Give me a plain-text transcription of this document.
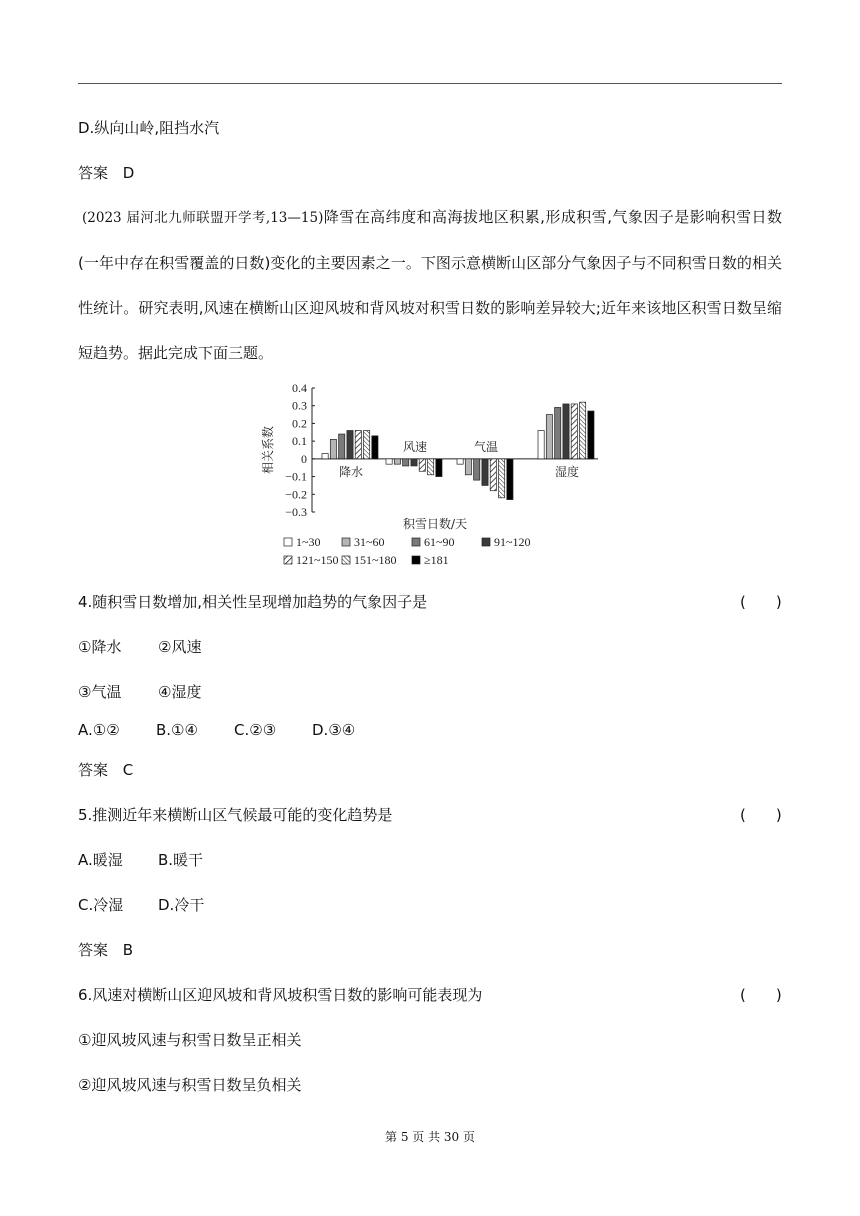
D.纵向山岭,阻挡水汽
答案 D
(2023 届河北九师联盟开学考,13—15)降雪在高纬度和高海拔地区积累,形成积雪,气象因子是影响积雪日数(一年中存在积雪覆盖的日数)变化的主要因素之一。下图示意横断山区部分气象因子与不同积雪日数的相关性统计。研究表明,风速在横断山区迎风坡和背风坡对积雪日数的影响差异较大;近年来该地区积雪日数呈缩短趋势。据此完成下面三题。
0.4
0.3
0.2
0.1
0
−0.1
−0.2
−0.3
相关系数
积雪日数/天
降水
风速	气温
湿度
1~30	31~60	61~90	91~120
121~150 151~180 ≥181
4.随积雪日数增加,相关性呈现增加趋势的气象因子是	(　　)
①降水 ②风速
③气温 ④湿度
A.①② B.①④ C.②③ D.③④
答案 C
5.推测近年来横断山区气候最可能的变化趋势是	(　　)
A.暖湿 B.暖干
C.冷湿 D.冷干
答案 B
6.风速对横断山区迎风坡和背风坡积雪日数的影响可能表现为	(　　)
①迎风坡风速与积雪日数呈正相关
②迎风坡风速与积雪日数呈负相关
第 5 页 共 30 页
